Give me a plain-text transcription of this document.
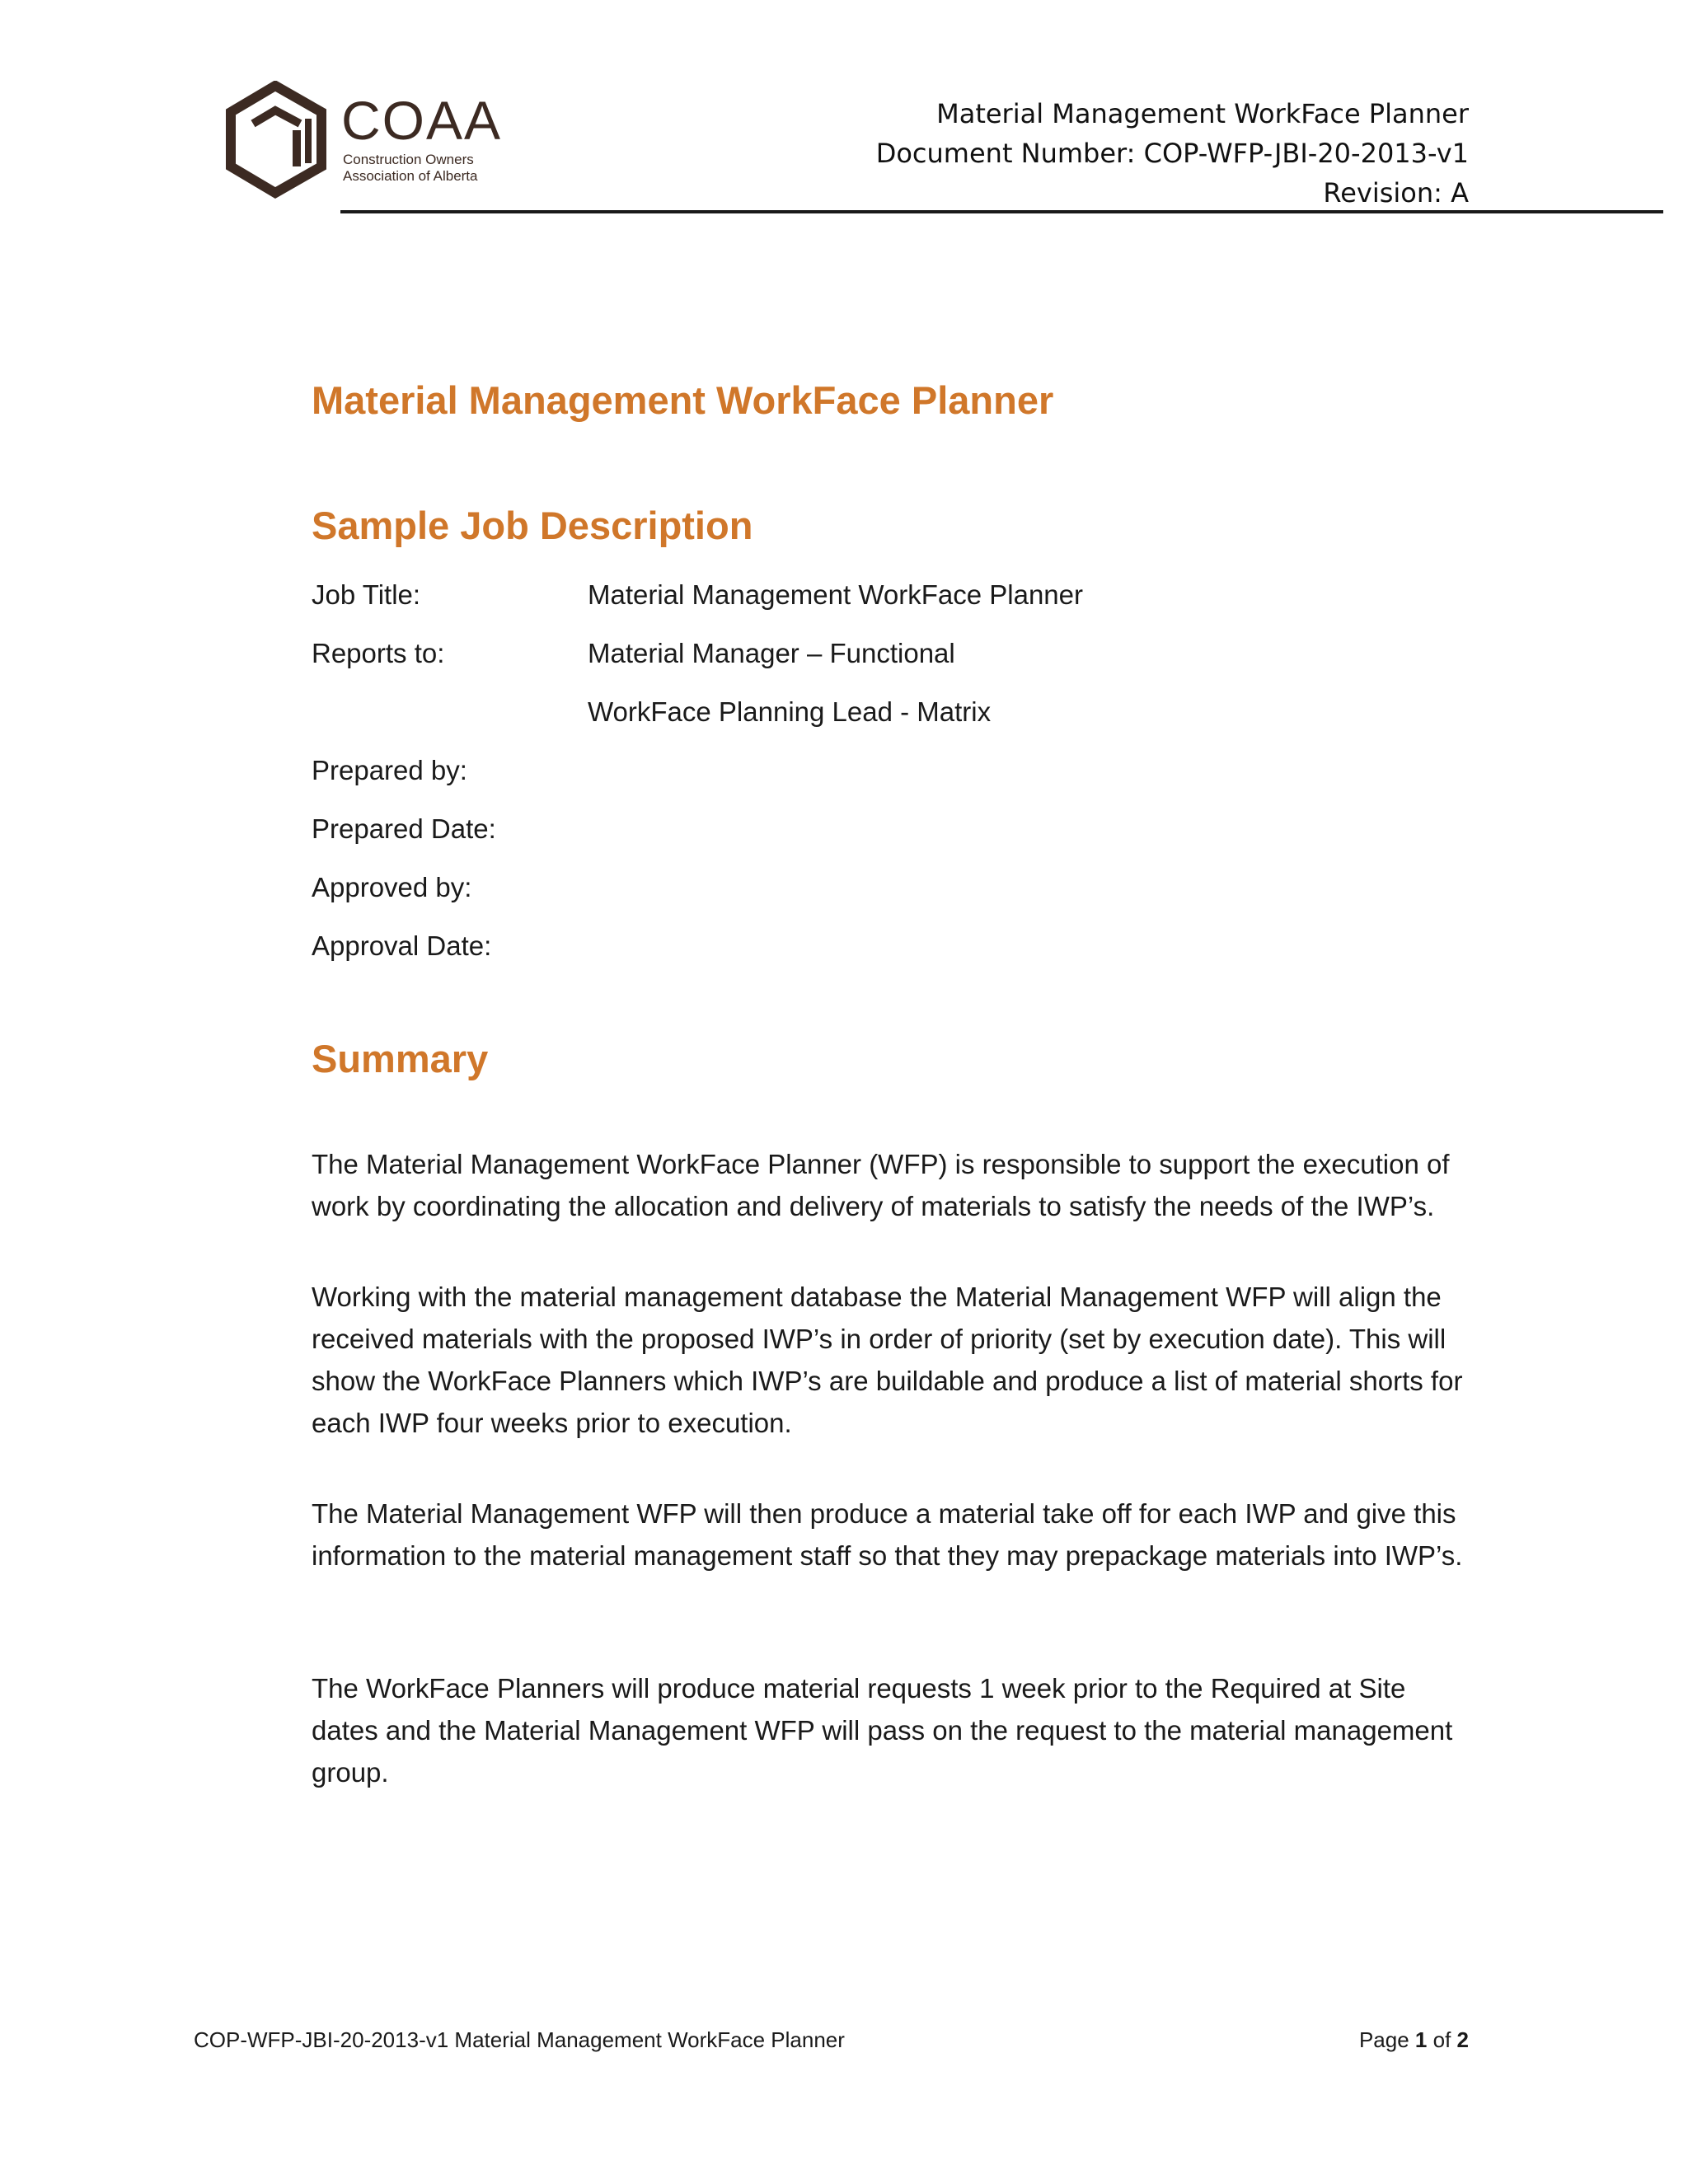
COAA
Construction Owners
Association of Alberta
Material Management WorkFace Planner
Document Number: COP-WFP-JBI-20-2013-v1
Revision: A
Material Management WorkFace Planner
Sample Job Description
Job Title:	Material Management WorkFace Planner
Reports to:	Material Manager – Functional
WorkFace Planning Lead - Matrix
Prepared by:
Prepared Date:
Approved by:
Approval Date:
Summary
The Material Management WorkFace Planner (WFP) is responsible to support the execution of work by coordinating the allocation and delivery of materials to satisfy the needs of the IWP’s.
Working with the material management database the Material Management WFP will align the received materials with the proposed IWP’s in order of priority (set by execution date). This will show the WorkFace Planners which IWP’s are buildable and produce a list of material shorts for each IWP four weeks prior to execution.
The Material Management WFP will then produce a material take off for each IWP and give this information to the material management staff so that they may prepackage materials into IWP’s.
The WorkFace Planners will produce material requests 1 week prior to the Required at Site dates and the Material Management WFP will pass on the request to the material management group.
COP-WFP-JBI-20-2013-v1 Material Management WorkFace Planner	Page 1 of 2
